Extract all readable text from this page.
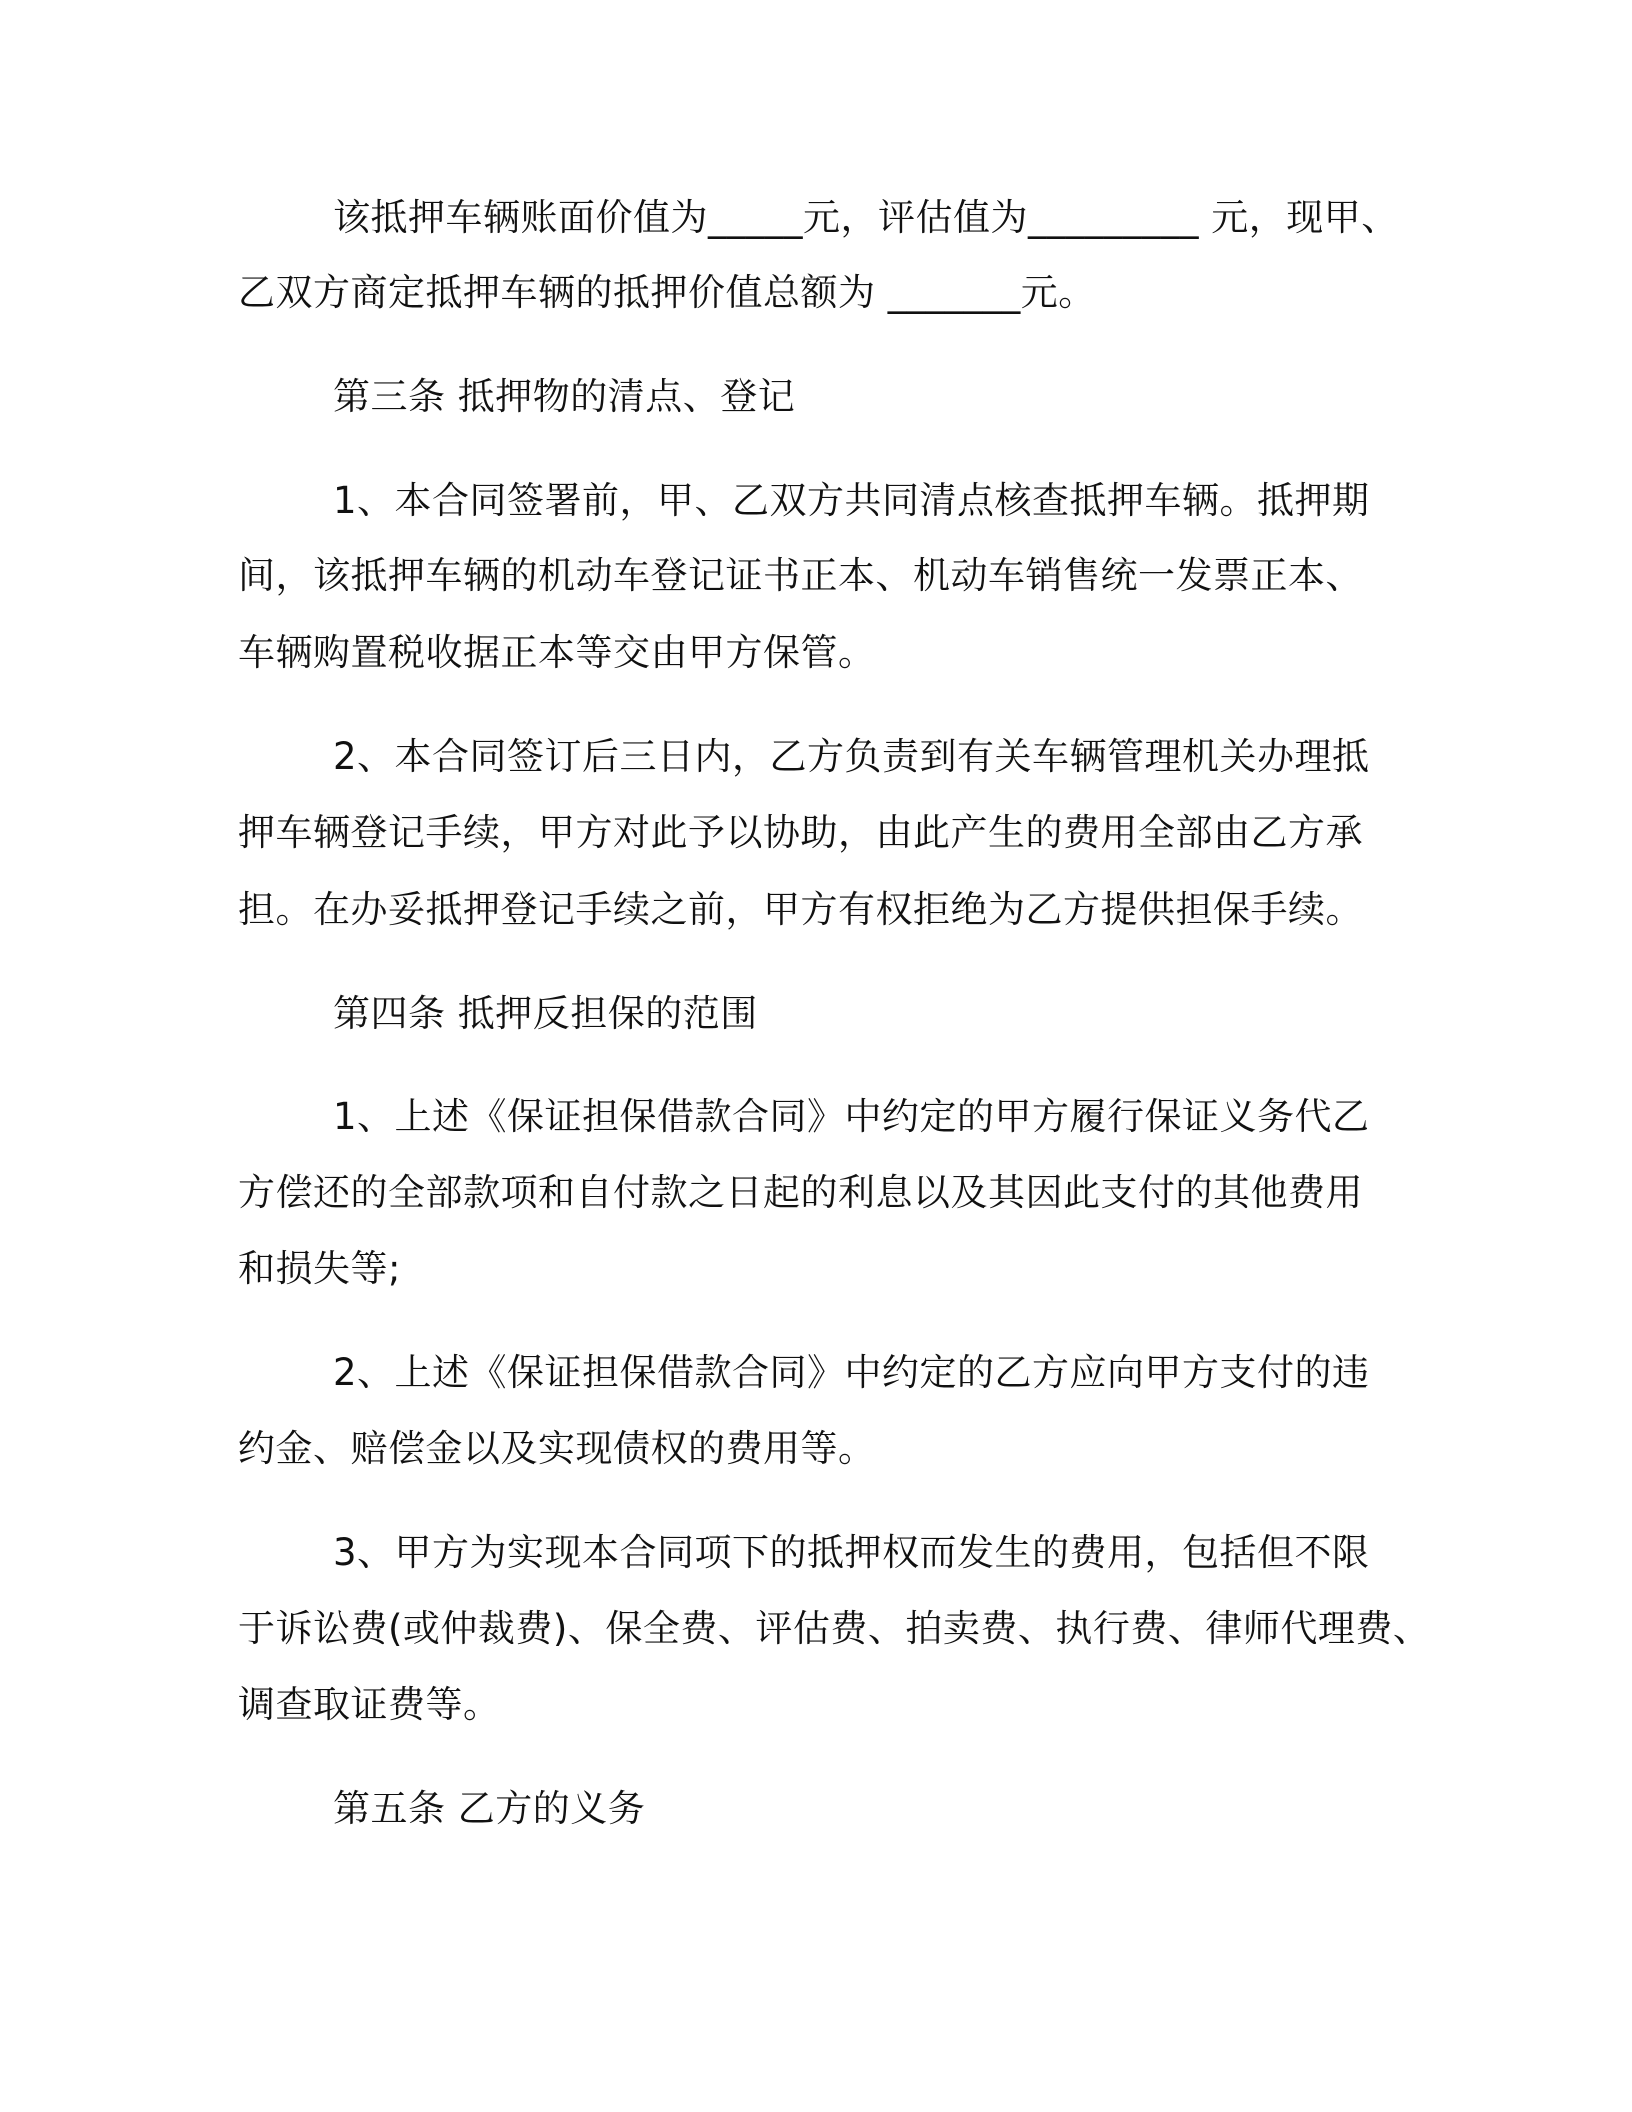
该抵押车辆账面价值为_____元，评估值为_________ 元，现甲、

乙双方商定抵押车辆的抵押价值总额为 _______元。

第三条 抵押物的清点、登记

1、本合同签署前，甲、乙双方共同清点核查抵押车辆。抵押期

间，该抵押车辆的机动车登记证书正本、机动车销售统一发票正本、

车辆购置税收据正本等交由甲方保管。

2、本合同签订后三日内，乙方负责到有关车辆管理机关办理抵

押车辆登记手续，甲方对此予以协助，由此产生的费用全部由乙方承

担。在办妥抵押登记手续之前，甲方有权拒绝为乙方提供担保手续。

第四条 抵押反担保的范围

1、上述《保证担保借款合同》中约定的甲方履行保证义务代乙

方偿还的全部款项和自付款之日起的利息以及其因此支付的其他费用

和损失等;

2、上述《保证担保借款合同》中约定的乙方应向甲方支付的违

约金、赔偿金以及实现债权的费用等。

3、甲方为实现本合同项下的抵押权而发生的费用，包括但不限

于诉讼费(或仲裁费)、保全费、评估费、拍卖费、执行费、律师代理费、

调查取证费等。

第五条 乙方的义务
